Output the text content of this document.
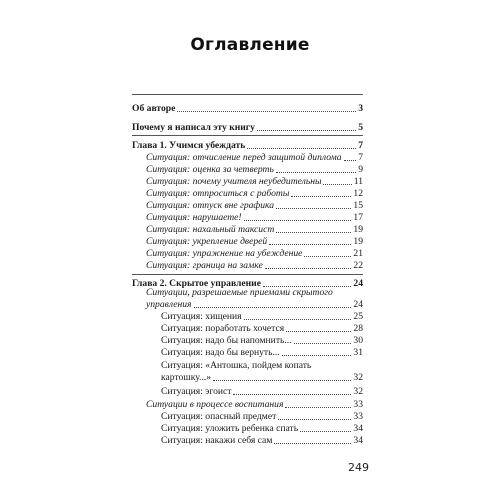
Оглавление
Об авторе	3
Почему я написал эту книгу	5
Глава 1. Учимся убеждать	7
Ситуация: отчисление перед защитой диплома 7
Ситуация: оценка за четверть	9
Ситуация: почему учителя неубедительны	11
Ситуация: отпроситься с работы	12
Ситуация: отпуск вне графика	15
Ситуация: нарушаете!	17
Ситуация: нахальный таксист	19
Ситуация: укрепление дверей	19
Ситуация: упражнение на убеждение	21
Ситуация: граница на замке	22
Глава 2. Скрытое управление	24
Ситуации, разрешаемые приемами скрытого
управления	24
Ситуация: хищения	25
Ситуация: поработать хочется	28
Ситуация: надо бы напомнить...	30
Ситуация: надо бы вернуть...	31
Ситуация: «Антошка, пойдем копать
картошку...»	32
Ситуация: эгоист	32
Ситуации в процессе воспитания	33
Ситуация: опасный предмет	33
Ситуация: уложить ребенка спать	34
Ситуация: накажи себя сам	34
249
